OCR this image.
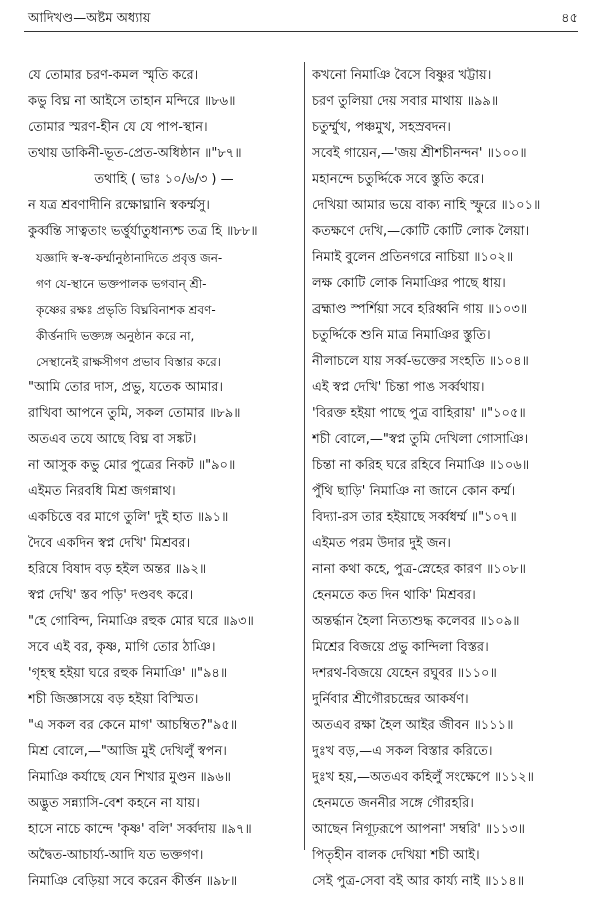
আদিখণ্ড—অষ্টম অধ্যায়	৪৫
যে তোমার চরণ-কমল স্মৃতি করে।
কভু বিঘ্ন না আইসে তাহান মন্দিরে ॥৮৬॥
তোমার স্মরণ-হীন যে যে পাপ-স্থান।
তথায় ডাকিনী-ভূত-প্রেত-অধিষ্ঠান ॥"৮৭॥
তথাহি ( ভাঃ ১০/৬/৩ ) —
ন যত্র শ্রবণাদীনি রক্ষোঘ্নানি স্বকর্ম্মসু।
কুর্ব্বন্তি সাত্বতাং ভর্ত্তুর্যাতুধান্যশ্চ তত্র হি ॥৮৮॥
যজ্ঞাদি স্ব-স্ব-কর্ম্মানুষ্ঠানাদিতে প্রবৃত্ত জন-
গণ যে-স্থানে ভক্তপালক ভগবান্ শ্রী-
কৃষ্ণের রক্ষঃ প্রভৃতি বিঘ্নবিনাশক শ্রবণ-
কীর্ত্তনাদি ভক্ত্যঙ্গ অনুষ্ঠান করে না,
সেস্থানেই রাক্ষসীগণ প্রভাব বিস্তার করে।
"আমি তোর দাস, প্রভু, যতেক আমার।
রাখিবা আপনে তুমি, সকল তোমার ॥৮৯॥
অতএব তযে আছে বিঘ্ন বা সঙ্কট।
না আসুক কভু মোর পুত্রের নিকট ॥"৯০॥
এইমত নিরবধি মিশ্র জগন্নাথ।
একচিত্তে বর মাগে তুলি' দুই হাত ॥৯১॥
দৈবে একদিন স্বপ্ন দেখি' মিশ্রবর।
হরিষে বিষাদ বড় হইল অন্তর ॥৯২॥
স্বপ্ন দেখি' স্তব পড়ি' দণ্ডবৎ করে।
"হে গোবিন্দ, নিমাঞি রহুক মোর ঘরে ॥৯৩॥
সবে এই বর, কৃষ্ণ, মাগি তোর ঠাঞি।
'গৃহস্থ হইয়া ঘরে রহুক নিমাঞি' ॥"৯৪॥
শচী জিজ্ঞাসয়ে বড় হইয়া বিস্মিত।
"এ সকল বর কেনে মাগ' আচম্বিত?"৯৫॥
মিশ্র বোলে,—"আজি মুই দেখিলুঁ স্বপন।
নিমাঞি কর্যাছে যেন শিখার মুণ্ডন ॥৯৬॥
অদ্ভুত সন্ন্যাসি-বেশ কহনে না যায়।
হাসে নাচে কান্দে 'কৃষ্ণ' বলি' সর্ব্বদায় ॥৯৭॥
অদ্বৈত-আচার্য্য-আদি যত ভক্তগণ।
নিমাঞি বেড়িয়া সবে করেন কীর্ত্তন ॥৯৮॥
কখনো নিমাঞি বৈসে বিষ্ণুর খট্টায়।
চরণ তুলিয়া দেয় সবার মাথায় ॥৯৯॥
চতুর্ম্মুখ, পঞ্চমুখ, সহস্রবদন।
সবেই গায়েন,—'জয় শ্রীশচীনন্দন' ॥১০০॥
মহানন্দে চতুর্দ্দিকে সবে স্তুতি করে।
দেখিয়া আমার ভয়ে বাক্য নাহি স্ফুরে ॥১০১॥
কতক্ষণে দেখি,—কোটি কোটি লোক লৈয়া।
নিমাই বুলেন প্রতিনগরে নাচিয়া ॥১০২॥
লক্ষ কোটি লোক নিমাঞির পাছে ধায়।
ব্রহ্মাণ্ড স্পর্শিয়া সবে হরিধ্বনি গায় ॥১০৩॥
চতুর্দ্দিকে শুনি মাত্র নিমাঞির স্তুতি।
নীলাচলে যায় সর্ব্ব-ভক্তের সংহতি ॥১০৪॥
এই স্বপ্ন দেখি' চিন্তা পাঙ সর্ব্বথায়।
'বিরক্ত হইয়া পাছে পুত্র বাহিরায়' ॥"১০৫॥
শচী বোলে,—"স্বপ্ন তুমি দেখিলা গোসাঞি।
চিন্তা না করিহ ঘরে রহিবে নিমাঞি ॥১০৬॥
পুঁথি ছাড়ি' নিমাঞি না জানে কোন কর্ম্ম।
বিদ্যা-রস তার হইয়াছে সর্ব্বধর্ম্ম ॥"১০৭॥
এইমত পরম উদার দুই জন।
নানা কথা কহে, পুত্র-স্নেহের কারণ ॥১০৮॥
হেনমতে কত দিন থাকি' মিশ্রবর।
অন্তর্দ্ধান হৈলা নিত্যশুদ্ধ কলেবর ॥১০৯॥
মিশ্রের বিজয়ে প্রভু কান্দিলা বিস্তর।
দশরথ-বিজয়ে যেহেন রঘুবর ॥১১০॥
দুর্নিবার শ্রীগৌরচন্দ্রের আকর্ষণ।
অতএব রক্ষা হৈল আইর জীবন ॥১১১॥
দুঃখ বড়,—এ সকল বিস্তার করিতে।
দুঃখ হয়,—অতএব কহিলুঁ সংক্ষেপে ॥১১২॥
হেনমতে জননীর সঙ্গে গৌরহরি।
আছেন নিগূঢ়রূপে আপনা' সম্বরি' ॥১১৩॥
পিতৃহীন বালক দেখিয়া শচী আই।
সেই পুত্র-সেবা বই আর কার্য্য নাই ॥১১৪॥
